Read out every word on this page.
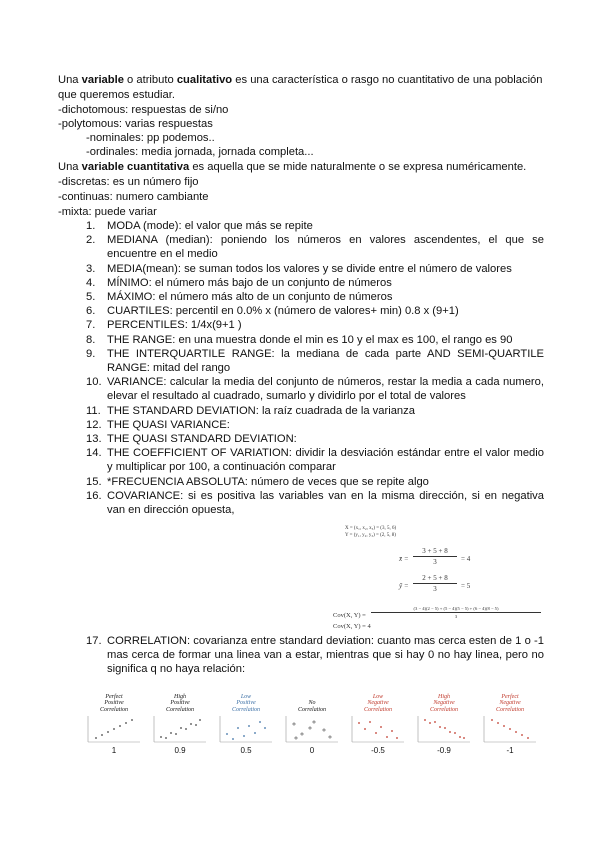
Una variable o atributo cualitativo es una característica o rasgo no cuantitativo de una población
que queremos estudiar.
-dichotomous: respuestas de si/no
-polytomous: varias respuestas
-nominales: pp podemos..
-ordinales: media jornada, jornada completa...
Una variable cuantitativa es aquella que se mide naturalmente o se expresa numéricamente.
-discretas: es un número fijo
-continuas: numero cambiante
-mixta: puede variar
1.	MODA (mode): el valor que más se repite
2.	MEDIANA (median): poniendo los números en valores ascendentes, el que se encuentre en el medio
3.	MEDIA(mean): se suman todos los valores y se divide entre el número de valores
4.	MÍNIMO: el número más bajo de un conjunto de números
5.	MÁXIMO: el número más alto de un conjunto de números
6.	CUARTILES: percentil en 0.0% x (número de valores+ min) 0.8 x (9+1)
7.	PERCENTILES: 1/4x(9+1 )
8.	THE RANGE: en una muestra donde el min es 10 y el max es 100, el rango es 90
9.	THE INTERQUARTILE RANGE: la mediana de cada parte AND SEMI-QUARTILE RANGE: mitad del rango
10. VARIANCE: calcular la media del conjunto de números, restar la media a cada numero, elevar el resultado al cuadrado, sumarlo y dividirlo por el total de valores
11. THE STANDARD DEVIATION: la raíz cuadrada de la varianza
12. THE QUASI VARIANCE:
13. THE QUASI STANDARD DEVIATION:
14. THE COEFFICIENT OF VARIATION: dividir la desviación estándar entre el valor medio y multiplicar por 100, a continuación comparar
15. *FRECUENCIA ABSOLUTA: número de veces que se repite algo
16. COVARIANCE: si es positiva las variables van en la misma dirección, si en negativa van en dirección opuesta,
X = (x₁, x₂, x₃) = (3, 5, 6)
Y = (y₁, y₂, y₃) = (2, 5, 8)
x̄ =
3 + 5 + 8
3	= 4
ȳ =
2 + 5 + 8
3	= 5
Cov(X, Y) =
(3 − 4)(2 − 5) + (5 − 4)(5 − 5) + (6 − 4)(8 − 5)
3
Cov(X, Y) = 4
17. CORRELATION: covarianza entre standard deviation: cuanto mas cerca esten de 1 o -1 mas cerca de formar una linea van a estar, mientras que si hay 0 no hay linea, pero no significa q no haya relación:
Perfect
Positive
Correlation
1
High
Positive
Correlation
0.9
Low
Positive
Correlation
0.5

No
Correlation
0
Low
Negative
Correlation
-0.5
High
Negative
Correlation
-0.9
Perfect
Negative
Correlation
-1
